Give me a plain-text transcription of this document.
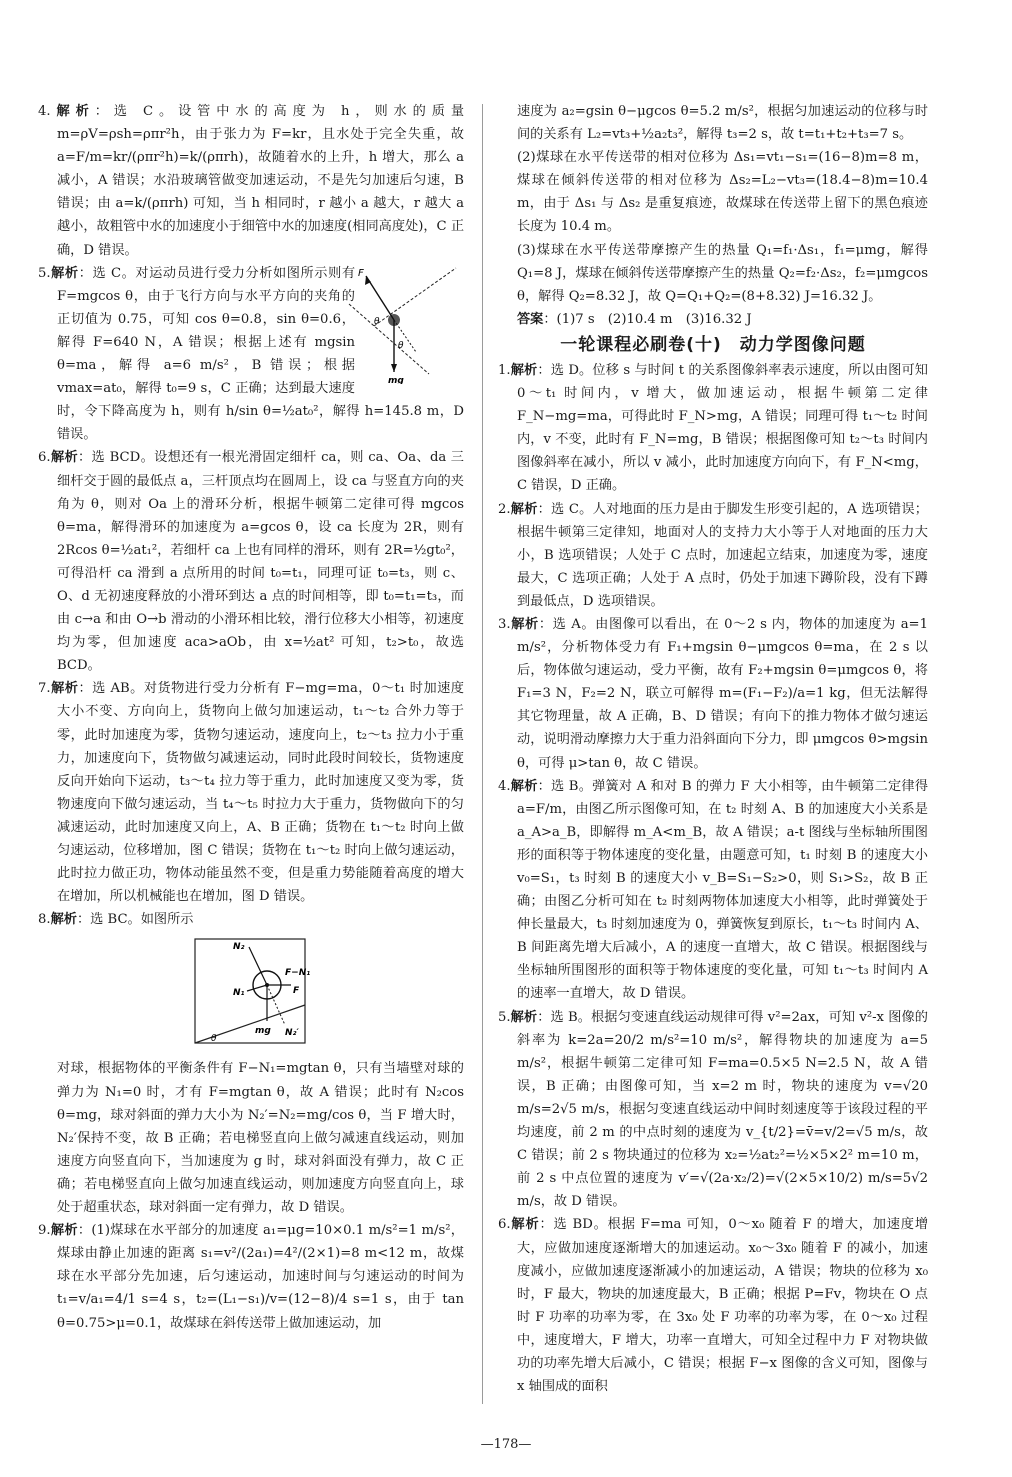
4.解析：选 C。设管中水的高度为 h，则水的质量 m=ρV=ρsh=ρπr²h，由于张力为 F=kr，且水处于完全失重，故 a=F/m=kr/(ρπr²h)=k/(ρπrh)，故随着水的上升，h 增大，那么 a 减小，A 错误；水沿玻璃管做变加速运动，不是先匀加速后匀速，B 错误；由 a=k/(ρπrh) 可知，当 h 相同时，r 越小 a 越大，r 越大 a 越小，故粗管中水的加速度小于细管中水的加速度(相同高度处)，C 正确，D 错误。

F
θ
θ
mg
5.解析：选 C。对运动员进行受力分析如图所示则有 F=mgcos θ，由于飞行方向与水平方向的夹角的正切值为 0.75，可知 cos θ=0.8，sin θ=0.6，解得 F=640 N，A 错误；根据上述有 mgsin θ=ma，解得 a=6 m/s²，B 错误；根据 vmax=at₀，解得 t₀=9 s，C 正确；达到最大速度时，令下降高度为 h，则有 h/sin θ=½at₀²，解得 h=145.8 m，D 错误。

6.解析：选 BCD。设想还有一根光滑固定细杆 ca，则 ca、Oa、da 三细杆交于圆的最低点 a，三杆顶点均在圆周上，设 ca 与竖直方向的夹角为 θ，则对 Oa 上的滑环分析，根据牛顿第二定律可得 mgcos θ=ma，解得滑环的加速度为 a=gcos θ，设 ca 长度为 2R，则有 2Rcos θ=½at₁²，若细杆 ca 上也有同样的滑环，则有 2R=½gt₀²，可得沿杆 ca 滑到 a 点所用的时间 t₀=t₁，同理可证 t₀=t₃，则 c、O、d 无初速度释放的小滑环到达 a 点的时间相等，即 t₀=t₁=t₃，而由 c→a 和由 O→b 滑动的小滑环相比较，滑行位移大小相等，初速度均为零，但加速度 aca>aOb，由 x=½at² 可知，t₂>t₀，故选 BCD。

7.解析：选 AB。对货物进行受力分析有 F−mg=ma，0～t₁ 时加速度大小不变、方向向上，货物向上做匀加速运动，t₁～t₂ 合外力等于零，此时加速度为零，货物匀速运动，速度向上，t₂～t₃ 拉力小于重力，加速度向下，货物做匀减速运动，同时此段时间较长，货物速度反向开始向下运动，t₃～t₄ 拉力等于重力，此时加速度又变为零，货物速度向下做匀速运动，当 t₄～t₅ 时拉力大于重力，货物做向下的匀减速运动，此时加速度又向上，A、B 正确；货物在 t₁～t₂ 时向上做匀速运动，位移增加，图 C 错误；货物在 t₁～t₂ 时向上做匀速运动，此时拉力做正功，物体动能虽然不变，但是重力势能随着高度的增大在增加，所以机械能也在增加，图 D 错误。

8.解析：选 BC。如图所示

N₂
F−N₁
F
N₁
mg N₂′
θ

对球，根据物体的平衡条件有 F−N₁=mgtan θ，只有当墙壁对球的弹力为 N₁=0 时，才有 F=mgtan θ，故 A 错误；此时有 N₂cos θ=mg，球对斜面的弹力大小为 N₂′=N₂=mg/cos θ，当 F 增大时，N₂′保持不变，故 B 正确；若电梯竖直向上做匀减速直线运动，则加速度方向竖直向下，当加速度为 g 时，球对斜面没有弹力，故 C 正确；若电梯竖直向上做匀加速直线运动，则加速度方向竖直向上，球处于超重状态，球对斜面一定有弹力，故 D 错误。

9.解析：(1)煤球在水平部分的加速度 a₁=μg=10×0.1 m/s²=1 m/s²，煤球由静止加速的距离 s₁=v²/(2a₁)=4²/(2×1)=8 m<12 m，故煤球在水平部分先加速，后匀速运动，加速时间与匀速运动的时间为 t₁=v/a₁=4/1 s=4 s，t₂=(L₁−s₁)/v=(12−8)/4 s=1 s，由于 tan θ=0.75>μ=0.1，故煤球在斜传送带上做加速运动，加

速度为 a₂=gsin θ−μgcos θ=5.2 m/s²，根据匀加速运动的位移与时间的关系有 L₂=vt₃+½a₂t₃²，解得 t₃=2 s，故 t=t₁+t₂+t₃=7 s。

(2)煤球在水平传送带的相对位移为 Δs₁=vt₁−s₁=(16−8)m=8 m，煤球在倾斜传送带的相对位移为 Δs₂=L₂−vt₃=(18.4−8)m=10.4 m，由于 Δs₁ 与 Δs₂ 是重复痕迹，故煤球在传送带上留下的黑色痕迹长度为 10.4 m。

(3)煤球在水平传送带摩擦产生的热量 Q₁=f₁·Δs₁，f₁=μmg，解得 Q₁=8 J，煤球在倾斜传送带摩擦产生的热量 Q₂=f₂·Δs₂，f₂=μmgcos θ，解得 Q₂=8.32 J，故 Q=Q₁+Q₂=(8+8.32) J=16.32 J。

答案：(1)7 s　(2)10.4 m　(3)16.32 J

一轮课程必刷卷(十)　动力学图像问题

1.解析：选 D。位移 s 与时间 t 的关系图像斜率表示速度，所以由图可知 0～t₁ 时间内，v 增大，做加速运动，根据牛顿第二定律 F_N−mg=ma，可得此时 F_N>mg，A 错误；同理可得 t₁～t₂ 时间内，v 不变，此时有 F_N=mg，B 错误；根据图像可知 t₂～t₃ 时间内图像斜率在减小，所以 v 减小，此时加速度方向向下，有 F_N<mg，C 错误，D 正确。

2.解析：选 C。人对地面的压力是由于脚发生形变引起的，A 选项错误；根据牛顿第三定律知，地面对人的支持力大小等于人对地面的压力大小，B 选项错误；人处于 C 点时，加速起立结束，加速度为零，速度最大，C 选项正确；人处于 A 点时，仍处于加速下蹲阶段，没有下蹲到最低点，D 选项错误。

3.解析：选 A。由图像可以看出，在 0～2 s 内，物体的加速度为 a=1 m/s²，分析物体受力有 F₁+mgsin θ−μmgcos θ=ma，在 2 s 以后，物体做匀速运动，受力平衡，故有 F₂+mgsin θ=μmgcos θ，将 F₁=3 N，F₂=2 N，联立可解得 m=(F₁−F₂)/a=1 kg，但无法解得其它物理量，故 A 正确，B、D 错误；有向下的推力物体才做匀速运动，说明滑动摩擦力大于重力沿斜面向下分力，即 μmgcos θ>mgsin θ，可得 μ>tan θ，故 C 错误。

4.解析：选 B。弹簧对 A 和对 B 的弹力 F 大小相等，由牛顿第二定律得 a=F/m，由图乙所示图像可知，在 t₂ 时刻 A、B 的加速度大小关系是 a_A>a_B，即解得 m_A<m_B，故 A 错误；a-t 图线与坐标轴所围图形的面积等于物体速度的变化量，由题意可知，t₁ 时刻 B 的速度大小 v₀=S₁，t₃ 时刻 B 的速度大小 v_B=S₁−S₂>0，则 S₁>S₂，故 B 正确；由图乙分析可知在 t₂ 时刻两物体加速度大小相等，此时弹簧处于伸长量最大，t₃ 时刻加速度为 0，弹簧恢复到原长，t₁～t₃ 时间内 A、B 间距离先增大后减小，A 的速度一直增大，故 C 错误。根据图线与坐标轴所围图形的面积等于物体速度的变化量，可知 t₁～t₃ 时间内 A 的速率一直增大，故 D 错误。

5.解析：选 B。根据匀变速直线运动规律可得 v²=2ax，可知 v²-x 图像的斜率为 k=2a=20/2 m/s²=10 m/s²，解得物块的加速度为 a=5 m/s²，根据牛顿第二定律可知 F=ma=0.5×5 N=2.5 N，故 A 错误，B 正确；由图像可知，当 x=2 m 时，物块的速度为 v=√20 m/s=2√5 m/s，根据匀变速直线运动中间时刻速度等于该段过程的平均速度，前 2 m 的中点时刻的速度为 v_{t/2}=v̄=v/2=√5 m/s，故 C 错误；前 2 s 物块通过的位移为 x₂=½at₂²=½×5×2² m=10 m，前 2 s 中点位置的速度为 v′=√(2a·x₂/2)=√(2×5×10/2) m/s=5√2 m/s，故 D 错误。

6.解析：选 BD。根据 F=ma 可知，0～x₀ 随着 F 的增大，加速度增大，应做加速度逐渐增大的加速运动。x₀～3x₀ 随着 F 的减小，加速度减小，应做加速度逐渐减小的加速运动，A 错误；物块的位移为 x₀ 时，F 最大，物块的加速度最大，B 正确；根据 P=Fv，物块在 O 点时 F 功率的功率为零，在 3x₀ 处 F 功率的功率为零，在 0～x₀ 过程中，速度增大，F 增大，功率一直增大，可知全过程中力 F 对物块做功的功率先增大后减小，C 错误；根据 F−x 图像的含义可知，图像与 x 轴围成的面积

—178—
